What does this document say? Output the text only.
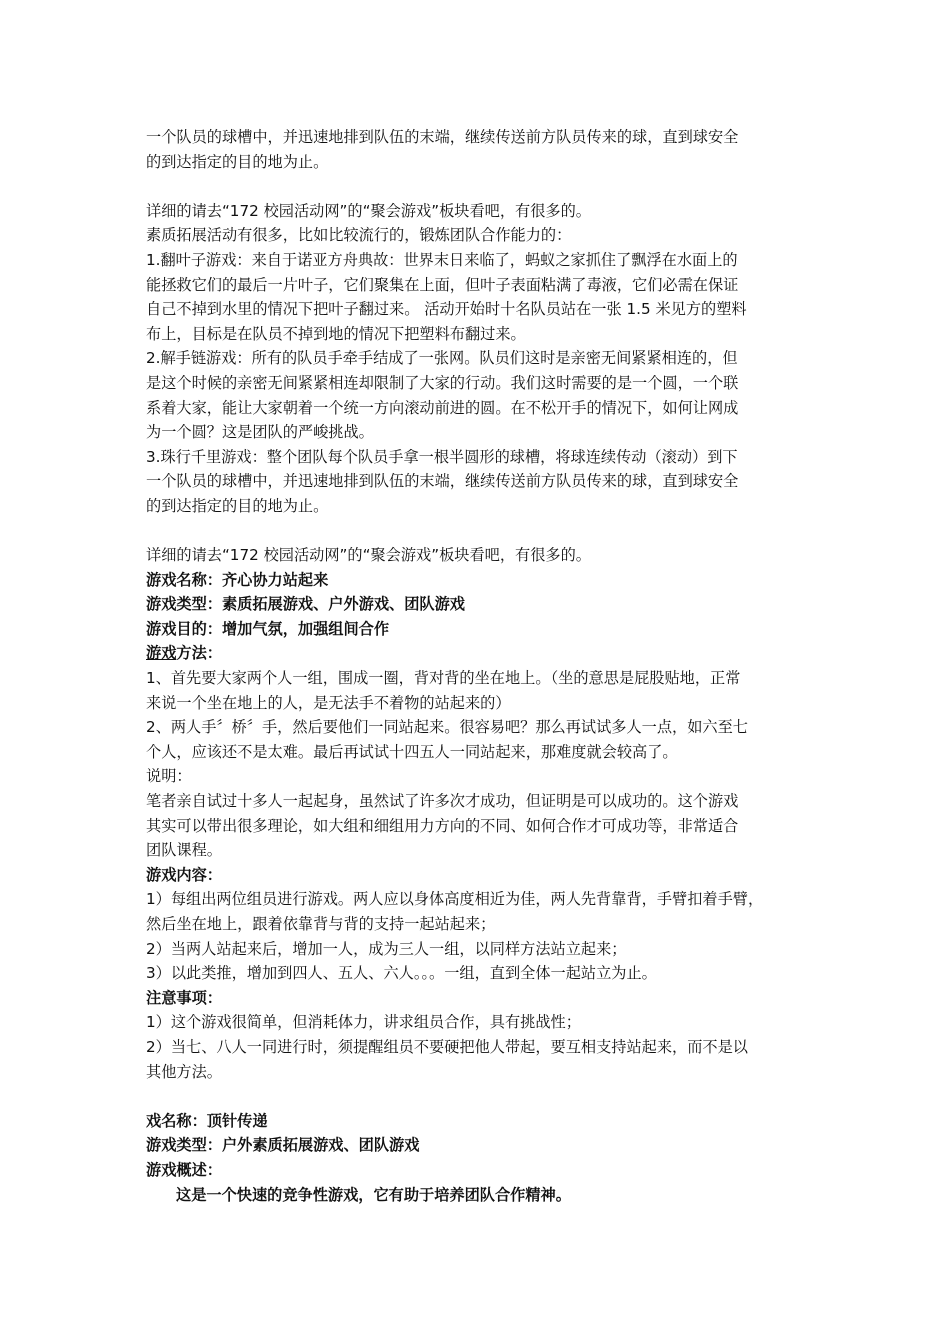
一个队员的球槽中，并迅速地排到队伍的末端，继续传送前方队员传来的球，直到球安全
的到达指定的目的地为止。
详细的请去“172 校园活动网”的“聚会游戏”板块看吧，有很多的。
素质拓展活动有很多，比如比较流行的，锻炼团队合作能力的：
1.翻叶子游戏：来自于诺亚方舟典故：世界末日来临了，蚂蚁之家抓住了飘浮在水面上的
能拯救它们的最后一片叶子，它们聚集在上面，但叶子表面粘满了毒液，它们必需在保证
自己不掉到水里的情况下把叶子翻过来。 活动开始时十名队员站在一张 1.5 米见方的塑料
布上，目标是在队员不掉到地的情况下把塑料布翻过来。
2.解手链游戏：所有的队员手牵手结成了一张网。队员们这时是亲密无间紧紧相连的，但
是这个时候的亲密无间紧紧相连却限制了大家的行动。我们这时需要的是一个圆，一个联
系着大家，能让大家朝着一个统一方向滚动前进的圆。在不松开手的情况下，如何让网成
为一个圆？这是团队的严峻挑战。
3.珠行千里游戏：整个团队每个队员手拿一根半圆形的球槽，将球连续传动（滚动）到下
一个队员的球槽中，并迅速地排到队伍的末端，继续传送前方队员传来的球，直到球安全
的到达指定的目的地为止。
详细的请去“172 校园活动网”的“聚会游戏”板块看吧，有很多的。
游戏名称：齐心协力站起来
游戏类型：素质拓展游戏、户外游戏、团队游戏
游戏目的：增加气氛，加强组间合作
游戏方法：
1、首先要大家两个人一组，围成一圈，背对背的坐在地上。（坐的意思是屁股贴地，正常
来说一个坐在地上的人，是无法手不着物的站起来的）
2、两人手〞桥〞手，然后要他们一同站起来。很容易吧？那么再试试多人一点，如六至七
个人，应该还不是太难。最后再试试十四五人一同站起来，那难度就会较高了。
说明：
笔者亲自试过十多人一起起身，虽然试了许多次才成功，但证明是可以成功的。这个游戏
其实可以带出很多理论，如大组和细组用力方向的不同、如何合作才可成功等，非常适合
团队课程。
游戏内容：
1）每组出两位组员进行游戏。两人应以身体高度相近为佳，两人先背靠背，手臂扣着手臂，
然后坐在地上，跟着依靠背与背的支持一起站起来；
2）当两人站起来后，增加一人，成为三人一组，以同样方法站立起来；
3）以此类推，增加到四人、五人、六人。。。一组，直到全体一起站立为止。
注意事项：
1）这个游戏很简单，但消耗体力，讲求组员合作，具有挑战性；
2）当七、八人一同进行时，须提醒组员不要硬把他人带起，要互相支持站起来，而不是以
其他方法。
戏名称：顶针传递
游戏类型：户外素质拓展游戏、团队游戏
游戏概述：
这是一个快速的竞争性游戏，它有助于培养团队合作精神。
